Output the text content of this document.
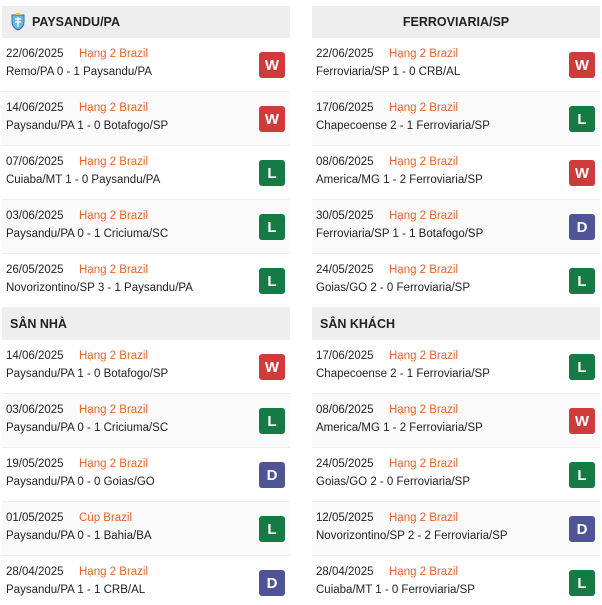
PAYSANDU/PA
22/06/2025 Hạng 2 Brazil
Remo/PA 0 - 1 Paysandu/PA	W
14/06/2025 Hạng 2 Brazil
Paysandu/PA 1 - 0 Botafogo/SP	W
07/06/2025 Hạng 2 Brazil
Cuiaba/MT 1 - 0 Paysandu/PA	L
03/06/2025 Hạng 2 Brazil
Paysandu/PA 0 - 1 Criciuma/SC	L
26/05/2025 Hạng 2 Brazil
Novorizontino/SP 3 - 1 Paysandu/PA	L
FERROVIARIA/SP
22/06/2025 Hạng 2 Brazil
Ferroviaria/SP 1 - 0 CRB/AL	W
17/06/2025 Hạng 2 Brazil
Chapecoense 2 - 1 Ferroviaria/SP	L
08/06/2025 Hạng 2 Brazil
America/MG 1 - 2 Ferroviaria/SP	W
30/05/2025 Hạng 2 Brazil
Ferroviaria/SP 1 - 1 Botafogo/SP	D
24/05/2025 Hạng 2 Brazil
Goias/GO 2 - 0 Ferroviaria/SP	L
SÂN NHÀ
14/06/2025 Hạng 2 Brazil
Paysandu/PA 1 - 0 Botafogo/SP	W
03/06/2025 Hạng 2 Brazil
Paysandu/PA 0 - 1 Criciuma/SC	L
19/05/2025 Hạng 2 Brazil
Paysandu/PA 0 - 0 Goias/GO	D
01/05/2025 Cúp Brazil
Paysandu/PA 0 - 1 Bahia/BA	L
28/04/2025 Hạng 2 Brazil
Paysandu/PA 1 - 1 CRB/AL	D
SÂN KHÁCH
17/06/2025 Hạng 2 Brazil
Chapecoense 2 - 1 Ferroviaria/SP	L
08/06/2025 Hạng 2 Brazil
America/MG 1 - 2 Ferroviaria/SP	W
24/05/2025 Hạng 2 Brazil
Goias/GO 2 - 0 Ferroviaria/SP	L
12/05/2025 Hạng 2 Brazil
Novorizontino/SP 2 - 2 Ferroviaria/SP	D
28/04/2025 Hạng 2 Brazil
Cuiaba/MT 1 - 0 Ferroviaria/SP	L
